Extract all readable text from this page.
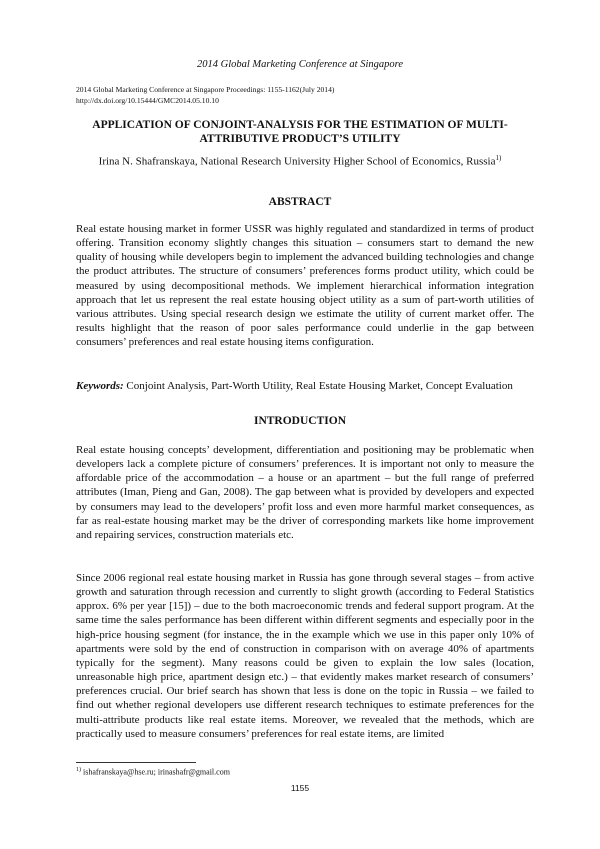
2014 Global Marketing Conference at Singapore
2014 Global Marketing Conference at Singapore Proceedings: 1155-1162(July 2014)
http://dx.doi.org/10.15444/GMC2014.05.10.10
APPLICATION OF CONJOINT-ANALYSIS FOR THE ESTIMATION OF MULTI-ATTRIBUTIVE PRODUCT’S UTILITY
Irina N. Shafranskaya, National Research University Higher School of Economics, Russia$^{1)}$
ABSTRACT

Real estate housing market in former USSR was highly regulated and standardized in terms of product offering. Transition economy slightly changes this situation – consumers start to demand the new quality of housing while developers begin to implement the advanced building technologies and change the product attributes. The structure of consumers’ preferences forms product utility, which could be measured by using decompositional methods. We implement hierarchical information integration approach that let us represent the real estate housing object utility as a sum of part-worth utilities of various attributes. Using special research design we estimate the utility of current market offer. The results highlight that the reason of poor sales performance could underlie in the gap between consumers’ preferences and real estate housing items configuration.

Keywords: Conjoint Analysis, Part-Worth Utility, Real Estate Housing Market, Concept Evaluation

INTRODUCTION

Real estate housing concepts’ development, differentiation and positioning may be problematic when developers lack a complete picture of consumers’ preferences. It is important not only to measure the affordable price of the accommodation – a house or an apartment – but the full range of preferred attributes (Iman, Pieng and Gan, 2008). The gap between what is provided by developers and expected by consumers may lead to the developers’ profit loss and even more harmful market consequences, as far as real-estate housing market may be the driver of corresponding markets like home improvement and repairing services, construction materials etc.

Since 2006 regional real estate housing market in Russia has gone through several stages – from active growth and saturation through recession and currently to slight growth (according to Federal Statistics approx. 6% per year [15]) – due to the both macroeconomic trends and federal support program. At the same time the sales performance has been different within different segments and especially poor in the high-price housing segment (for instance, the in the example which we use in this paper only 10% of apartments were sold by the end of construction in comparison with on average 40% of apartments typically for the segment). Many reasons could be given to explain the low sales (location, unreasonable high price, apartment design etc.) – that evidently makes market research of consumers’ preferences crucial. Our brief search has shown that less is done on the topic in Russia – we failed to find out whether regional developers use different research techniques to estimate preferences for the multi-attribute products like real estate items. Moreover, we revealed that the methods, which are practically used to measure consumers’ preferences for real estate items, are limited

$^{1)}$ ishafranskaya@hse.ru; irinashafr@gmail.com
1155
